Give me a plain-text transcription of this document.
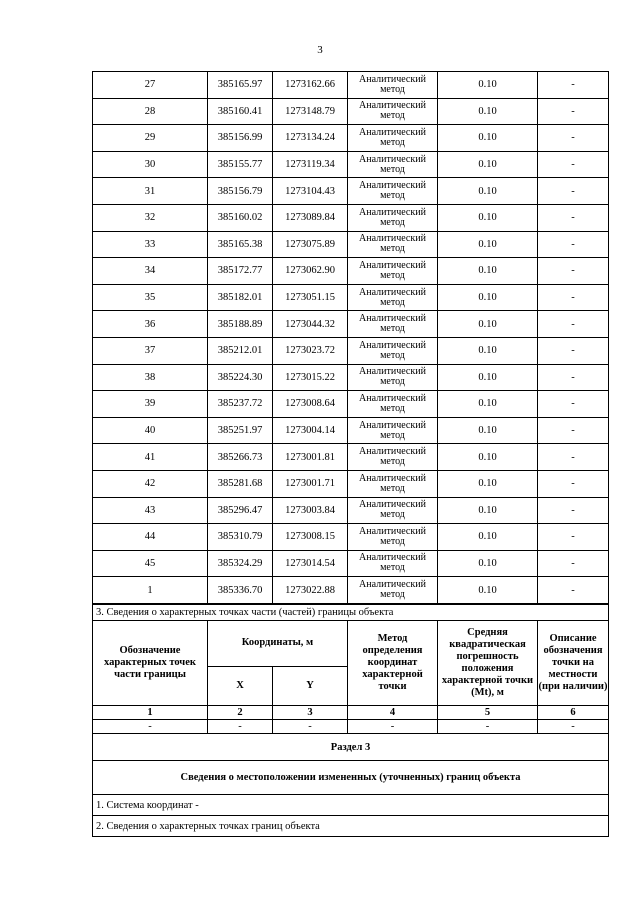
3
27	385165.97	1273162.66	Аналитический метод	0.10	-
28	385160.41	1273148.79	Аналитический метод	0.10	-
29	385156.99	1273134.24	Аналитический метод	0.10	-
30	385155.77	1273119.34	Аналитический метод	0.10	-
31	385156.79	1273104.43	Аналитический метод	0.10	-
32	385160.02	1273089.84	Аналитический метод	0.10	-
33	385165.38	1273075.89	Аналитический метод	0.10	-
34	385172.77	1273062.90	Аналитический метод	0.10	-
35	385182.01	1273051.15	Аналитический метод	0.10	-
36	385188.89	1273044.32	Аналитический метод	0.10	-
37	385212.01	1273023.72	Аналитический метод	0.10	-
38	385224.30	1273015.22	Аналитический метод	0.10	-
39	385237.72	1273008.64	Аналитический метод	0.10	-
40	385251.97	1273004.14	Аналитический метод	0.10	-
41	385266.73	1273001.81	Аналитический метод	0.10	-
42	385281.68	1273001.71	Аналитический метод	0.10	-
43	385296.47	1273003.84	Аналитический метод	0.10	-
44	385310.79	1273008.15	Аналитический метод	0.10	-
45	385324.29	1273014.54	Аналитический метод	0.10	-
1	385336.70	1273022.88	Аналитический метод	0.10	-
3. Сведения о характерных точках части (частей) границы объекта					
Обозначение характерных точек части границы	Координаты, м		Метод определения координат характерной точки	Средняя квадратическая погрешность положения характерной точки (Mt), м	Описание обозначения точки на местности (при наличии)
	X	Y			
1	2	3	4	5	6
-	-	-	-	-	-
Раздел 3					
Сведения о местоположении измененных (уточненных) границ объекта					
1. Система координат -					
2. Сведения о характерных точках границ объекта					
